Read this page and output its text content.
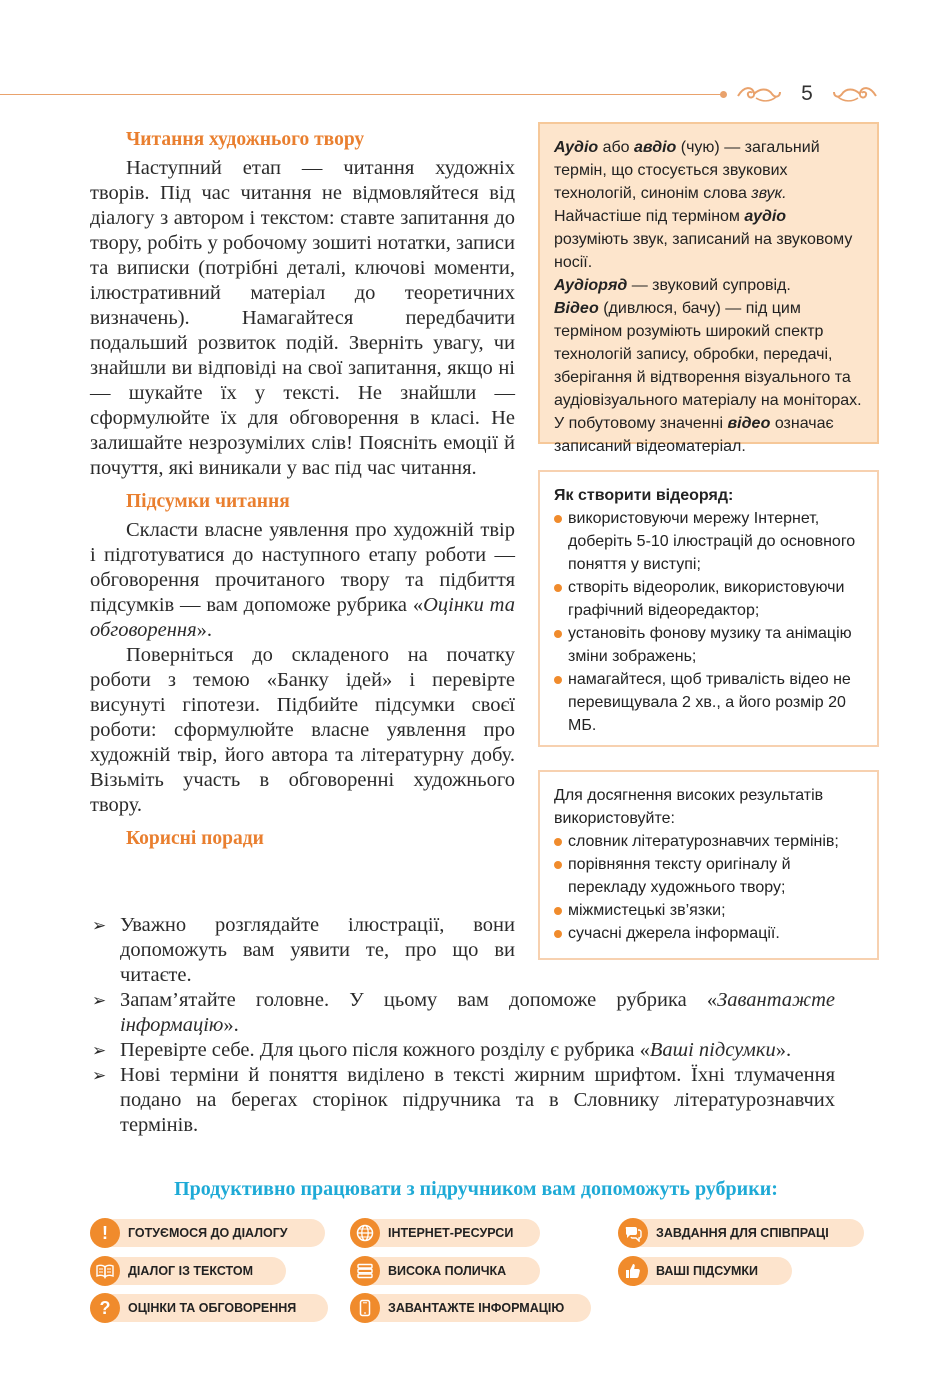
5

Читання художнього твору

Наступний етап — читання художніх творів. Під час читання не відмовляйтеся від діалогу з автором і текстом: ставте запитання до твору, робіть у робочому зошиті нотатки, записи та виписки (потрібні деталі, ключові моменти, ілюстративний матеріал до теоретичних визначень). Намагайтеся передбачити подальший розвиток подій. Зверніть увагу, чи знайшли ви відповіді на свої запитання, якщо ні — шукайте їх у тексті. Не знайшли — сформулюйте їх для обговорення в класі. Не залишайте незрозумілих слів! Поясніть емоції й почуття, які виникали у вас під час читання.

Підсумки читання

Скласти власне уявлення про художній твір і підготуватися до наступного етапу роботи — обговорення прочитаного твору та підбиття підсумків — вам допоможе рубрика «Оцінки та обговорення».

Поверніться до складеного на початку роботи з темою «Банку ідей» і перевірте висунуті гіпотези. Підбийте підсумки своєї роботи: сформулюйте власне уявлення про художній твір, його автора та літературну добу. Візьміть участь в обговоренні художнього твору.

Корисні поради

➢ Уважно розглядайте ілюстрації, вони допоможуть вам уявити те, про що ви читаєте.
➢ Запам’ятайте головне. У цьому вам допоможе рубрика «Завантажте інформацію».
➢ Перевірте себе. Для цього після кожного розділу є рубрика «Ваші підсумки».
➢ Нові терміни й поняття виділено в тексті жирним шрифтом. Їхні тлумачення подано на берегах сторінок підручника та в Словнику літературознавчих термінів.
Аудіо або авдіо (чую) — загальний термін, що стосується звукових технологій, синонім слова звук. Найчастіше під терміном аудіо розуміють звук, записаний на звуковому носії.
Аудіоряд — звуковий супровід.
Відео (дивлюся, бачу) — під цим терміном розуміють широкий спектр технологій запису, обробки, передачі, зберігання й відтворення візуального та аудіовізуального матеріалу на моніторах. У побутовому значенні відео означає записаний відеоматеріал.
Як створити відеоряд:
використовуючи мережу Інтернет, доберіть 5-10 ілюстрацій до основного поняття у виступі;
створіть відеоролик, використовуючи графічний відеоредактор;
установіть фонову музику та анімацію зміни зображень;
намагайтеся, щоб тривалість відео не перевищувала 2 хв., а його розмір 20 МБ.
Для досягнення високих результатів використовуйте:
словник літературознавчих термінів;
порівняння тексту оригіналу й перекладу художнього твору;
міжмистецькі зв’язки;
сучасні джерела інформації.
Продуктивно працювати з підручником вам допоможуть рубрики:
!	ГОТУЄМОСЯ ДО ДІАЛОГУ	ІНТЕРНЕТ-РЕСУРСИ	ЗАВДАННЯ ДЛЯ СПІВПРАЦІ
ДІАЛОГ ІЗ ТЕКСТОМ	ВИСОКА ПОЛИЧКА	ВАШІ ПІДСУМКИ
?	ОЦІНКИ ТА ОБГОВОРЕННЯ	ЗАВАНТАЖТЕ ІНФОРМАЦІЮ
